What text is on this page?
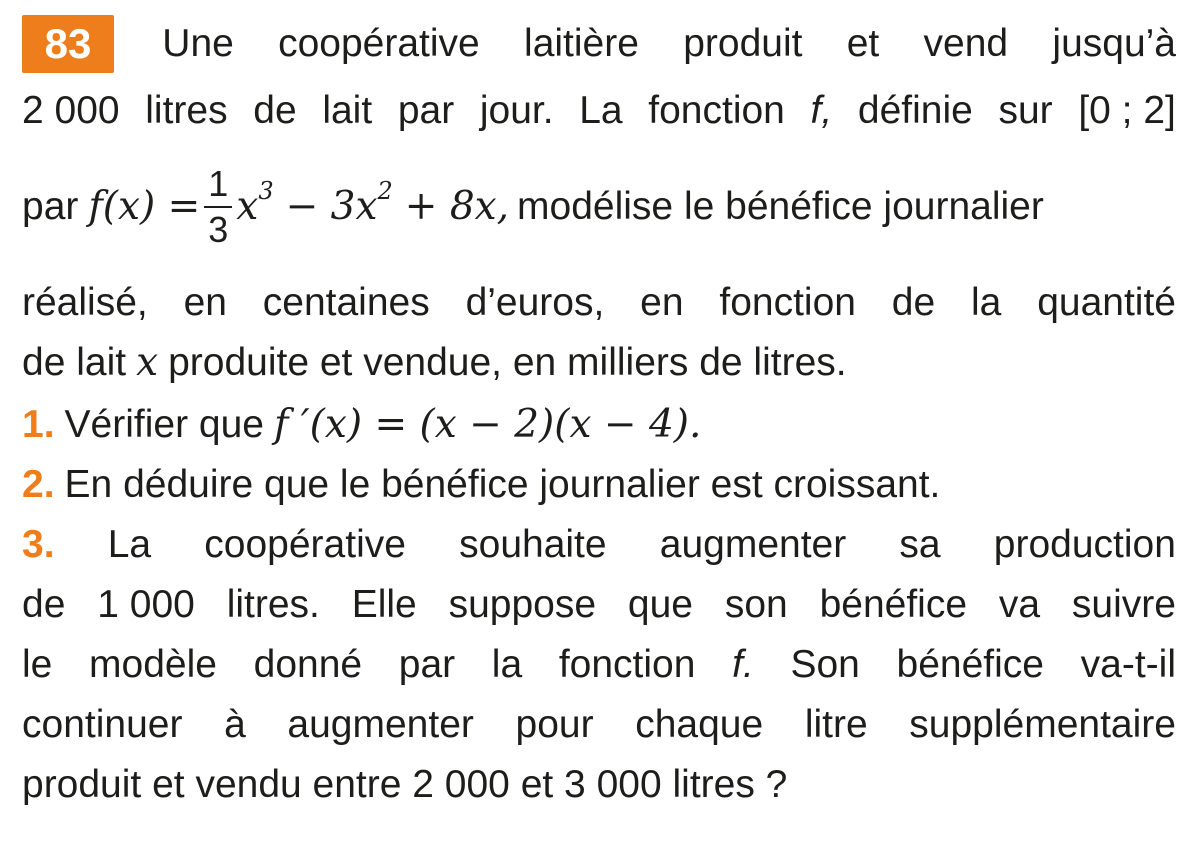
83	Une coopérative laitière produit et vend jusqu’à
2 000 litres de lait par jour. La fonction f, définie sur [0 ; 2]
par $f(x) = \frac{1}{3} x^3 - 3x^2 + 8x$, modélise le bénéfice journalier
réalisé, en centaines d’euros, en fonction de la quantité
de lait x produite et vendue, en milliers de litres.
1. Vérifier que f ′(x) = (x − 2)(x − 4).
2. En déduire que le bénéfice journalier est croissant.
3. La coopérative souhaite augmenter sa production
de 1 000 litres. Elle suppose que son bénéfice va suivre
le modèle donné par la fonction f. Son bénéfice va-t-il
continuer à augmenter pour chaque litre supplémentaire
produit et vendu entre 2 000 et 3 000 litres ?
